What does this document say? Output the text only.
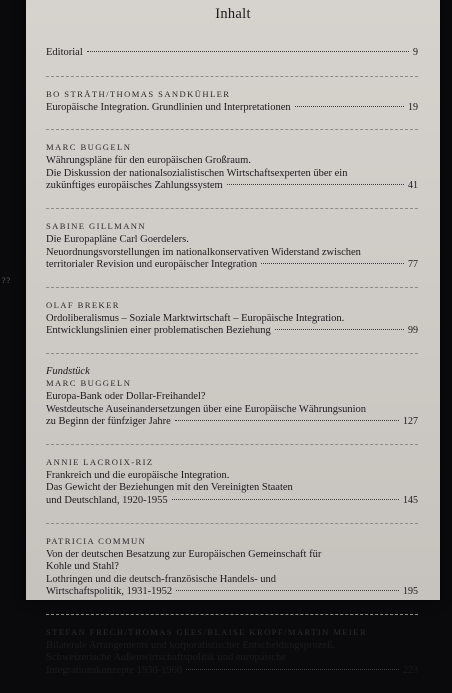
Inhalt
Editorial	9
BO STRÅTH/THOMAS SANDKÜHLER
Europäische Integration. Grundlinien und Interpretationen	19
MARC BUGGELN
Währungspläne für den europäischen Großraum.
Die Diskussion der nationalsozialistischen Wirtschaftsexperten über ein
zukünftiges europäisches Zahlungssystem	41
SABINE GILLMANN
Die Europapläne Carl Goerdelers.
Neuordnungsvorstellungen im nationalkonservativen Widerstand zwischen
territorialer Revision und europäischer Integration	77
OLAF BREKER
Ordoliberalismus – Soziale Marktwirtschaft – Europäische Integration.
Entwicklungslinien einer problematischen Beziehung	99
Fundstück
MARC BUGGELN
Europa-Bank oder Dollar-Freihandel?
Westdeutsche Auseinandersetzungen über eine Europäische Währungsunion
zu Beginn der fünfziger Jahre	127
ANNIE LACROIX-RIZ
Frankreich und die europäische Integration.
Das Gewicht der Beziehungen mit den Vereinigten Staaten
und Deutschland, 1920-1955	145
PATRICIA COMMUN
Von der deutschen Besatzung zur Europäischen Gemeinschaft für
Kohle und Stahl?
Lothringen und die deutsch-französische Handels- und
Wirtschaftspolitik, 1931-1952	195
STEFAN FRECH/THOMAS GEES/BLAISE KROPF/MARTIN MEIER
Bilaterale Arrangements und korporatistischer Entscheidungsprozeß.
Schweizerische Außenwirtschaftspolitik und europäische
Integrationskonzepte 1930-1960	223
??
